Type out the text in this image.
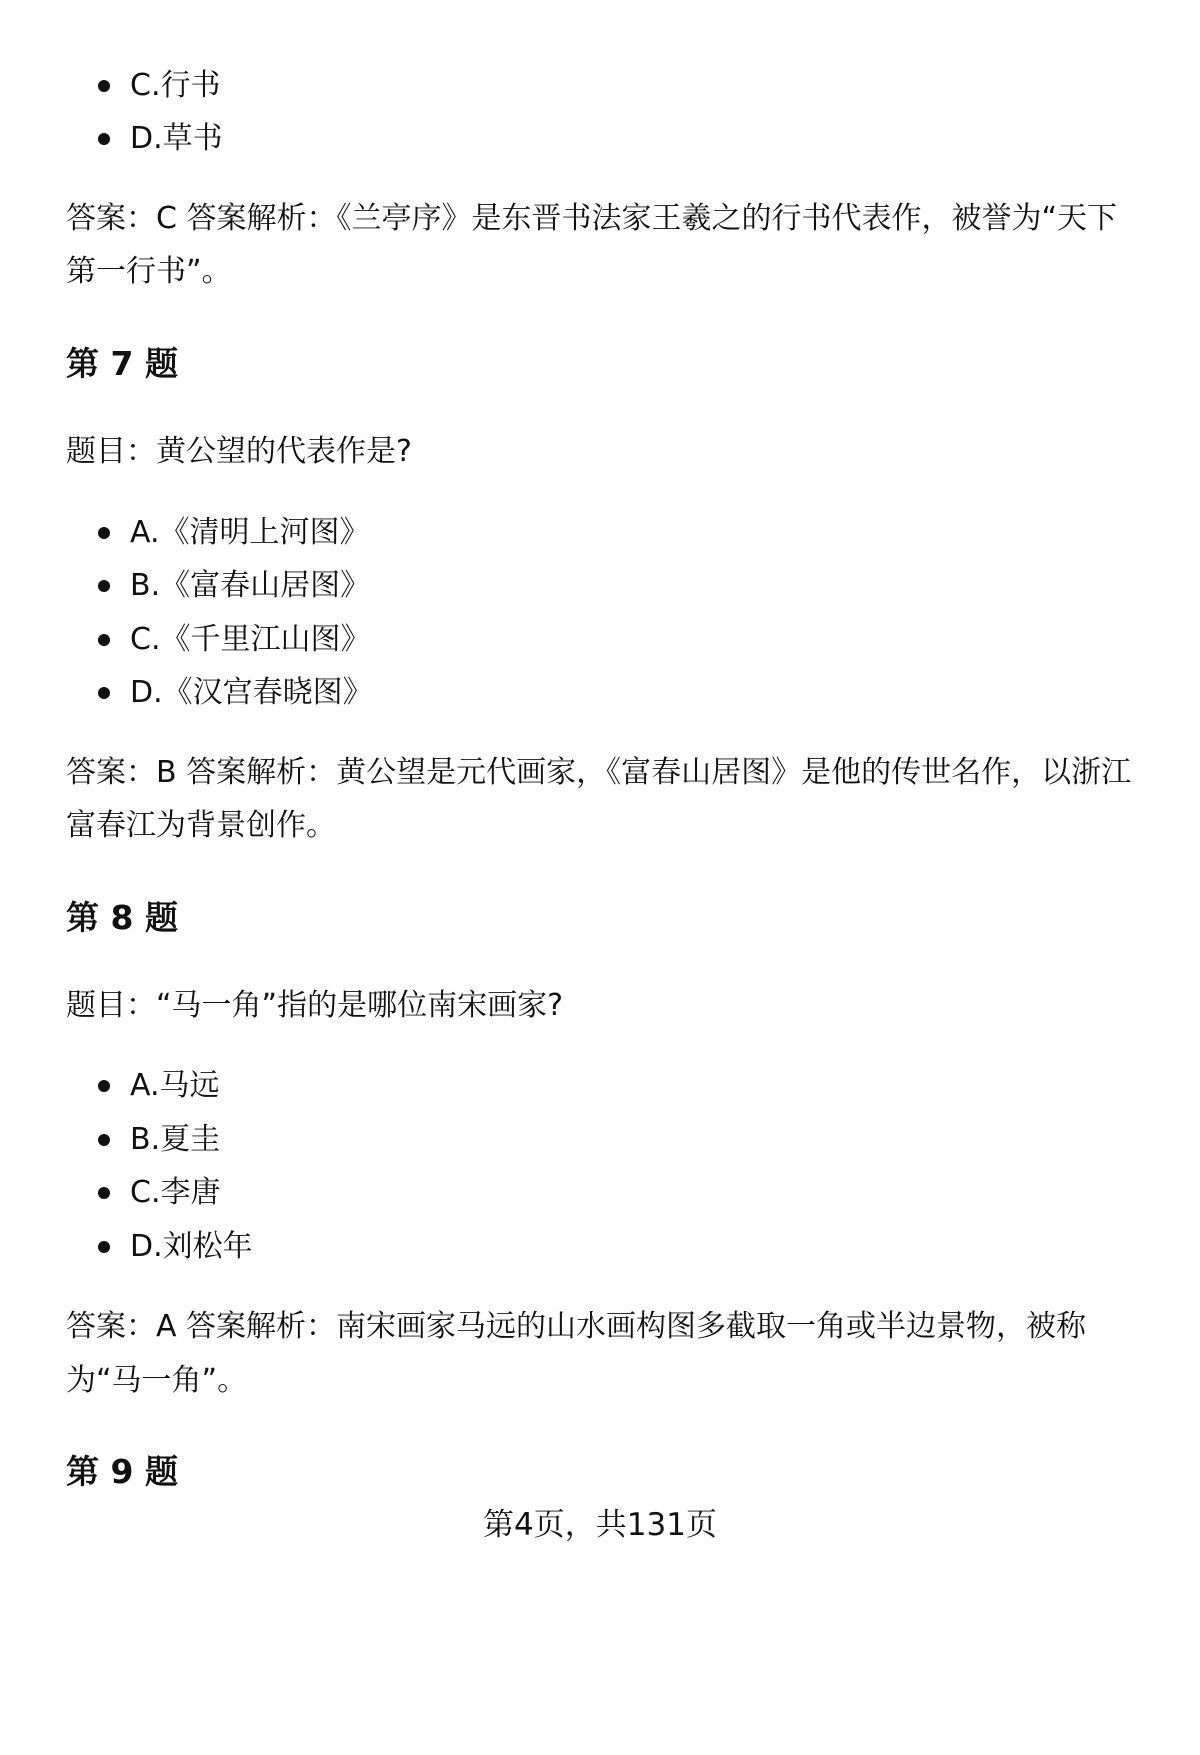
C.行书
D.草书
答案：C 答案解析：《兰亭序》是东晋书法家王羲之的行书代表作，被誉为“天下
第一行书”。
第 7 题
题目：黄公望的代表作是?
A.《清明上河图》
B.《富春山居图》
C.《千里江山图》
D.《汉宫春晓图》
答案：B 答案解析：黄公望是元代画家，《富春山居图》是他的传世名作，以浙江
富春江为背景创作。
第 8 题
题目：“马一角”指的是哪位南宋画家?
A.马远
B.夏圭
C.李唐
D.刘松年
答案：A 答案解析：南宋画家马远的山水画构图多截取一角或半边景物，被称
为“马一角”。
第 9 题
第4页，共131页
